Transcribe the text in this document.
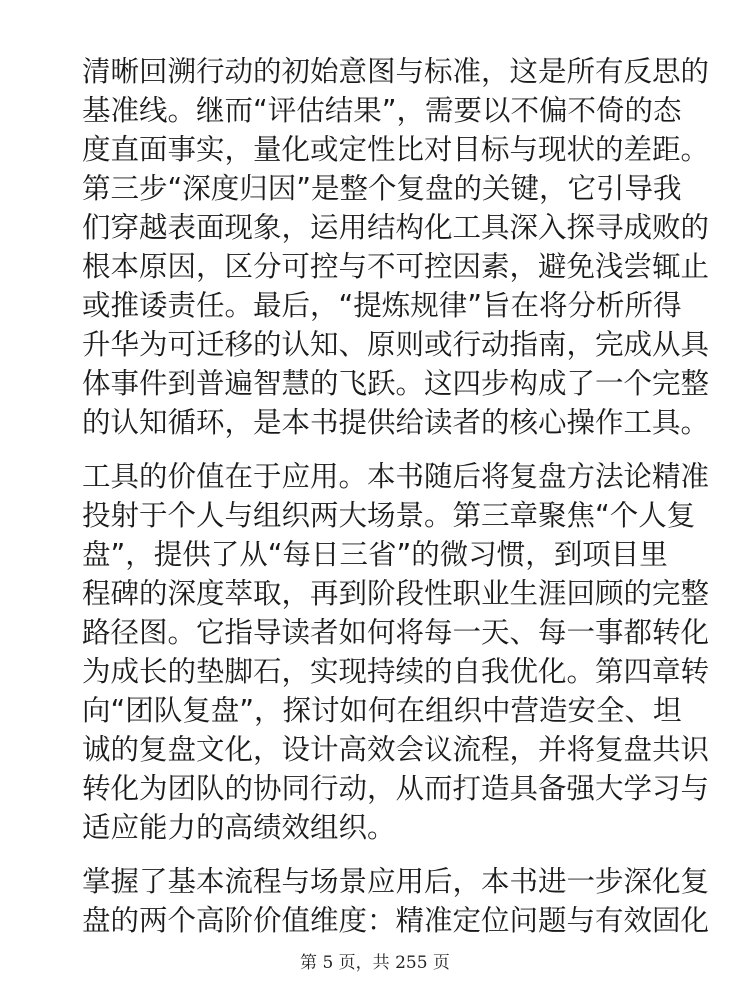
清晰回溯行动的初始意图与标准，这是所有反思的
基准线。继而“评估结果”，需要以不偏不倚的态
度直面事实，量化或定性比对目标与现状的差距。
第三步“深度归因”是整个复盘的关键，它引导我
们穿越表面现象，运用结构化工具深入探寻成败的
根本原因，区分可控与不可控因素，避免浅尝辄止
或推诿责任。最后，“提炼规律”旨在将分析所得
升华为可迁移的认知、原则或行动指南，完成从具
体事件到普遍智慧的飞跃。这四步构成了一个完整
的认知循环，是本书提供给读者的核心操作工具。
工具的价值在于应用。本书随后将复盘方法论精准
投射于个人与组织两大场景。第三章聚焦“个人复
盘”，提供了从“每日三省”的微习惯，到项目里
程碑的深度萃取，再到阶段性职业生涯回顾的完整
路径图。它指导读者如何将每一天、每一事都转化
为成长的垫脚石，实现持续的自我优化。第四章转
向“团队复盘”，探讨如何在组织中营造安全、坦
诚的复盘文化，设计高效会议流程，并将复盘共识
转化为团队的协同行动，从而打造具备强大学习与
适应能力的高绩效组织。
掌握了基本流程与场景应用后，本书进一步深化复
盘的两个高阶价值维度：精准定位问题与有效固化
第 5 页，共 255 页
